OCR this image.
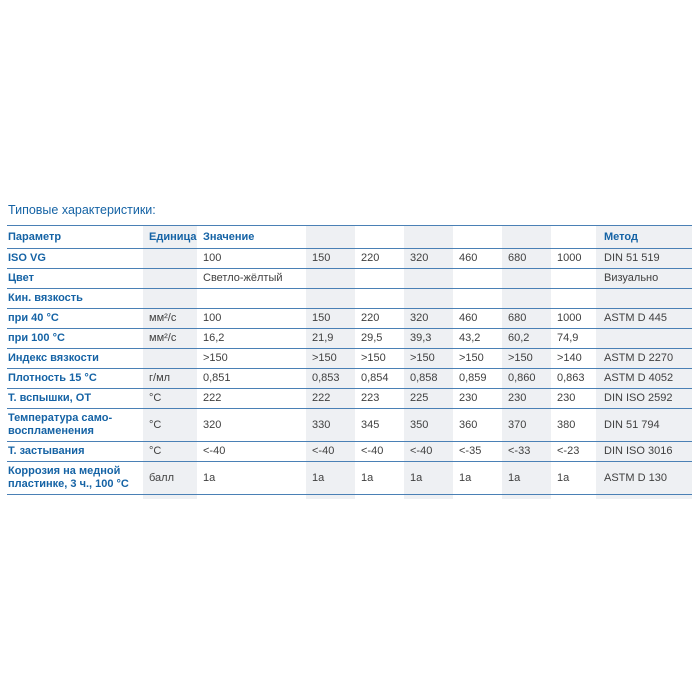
Типовые характеристики:
Параметр	Единица	Значение							Метод
ISO VG		100	150	220	320	460	680	1000	DIN 51 519
Цвет		Светло-жёлтый							Визуально
Кин. вязкость									
при 40 °C	мм²/с	100	150	220	320	460	680	1000	ASTM D 445
при 100 °C	мм²/с	16,2	21,9	29,5	39,3	43,2	60,2	74,9	
Индекс вязкости		>150	>150	>150	>150	>150	>150	>140	ASTM D 2270
Плотность 15 °C	г/мл	0,851	0,853	0,854	0,858	0,859	0,860	0,863	ASTM D 4052
Т. вспышки, ОТ	°C	222	222	223	225	230	230	230	DIN ISO 2592
Температура само-воспламенения	°C	320	330	345	350	360	370	380	DIN 51 794
Т. застывания	°C	<-40	<-40	<-40	<-40	<-35	<-33	<-23	DIN ISO 3016
Коррозия на медной пластинке, 3 ч., 100 °C	балл	1a	1a	1a	1a	1a	1a	1a	ASTM D 130
